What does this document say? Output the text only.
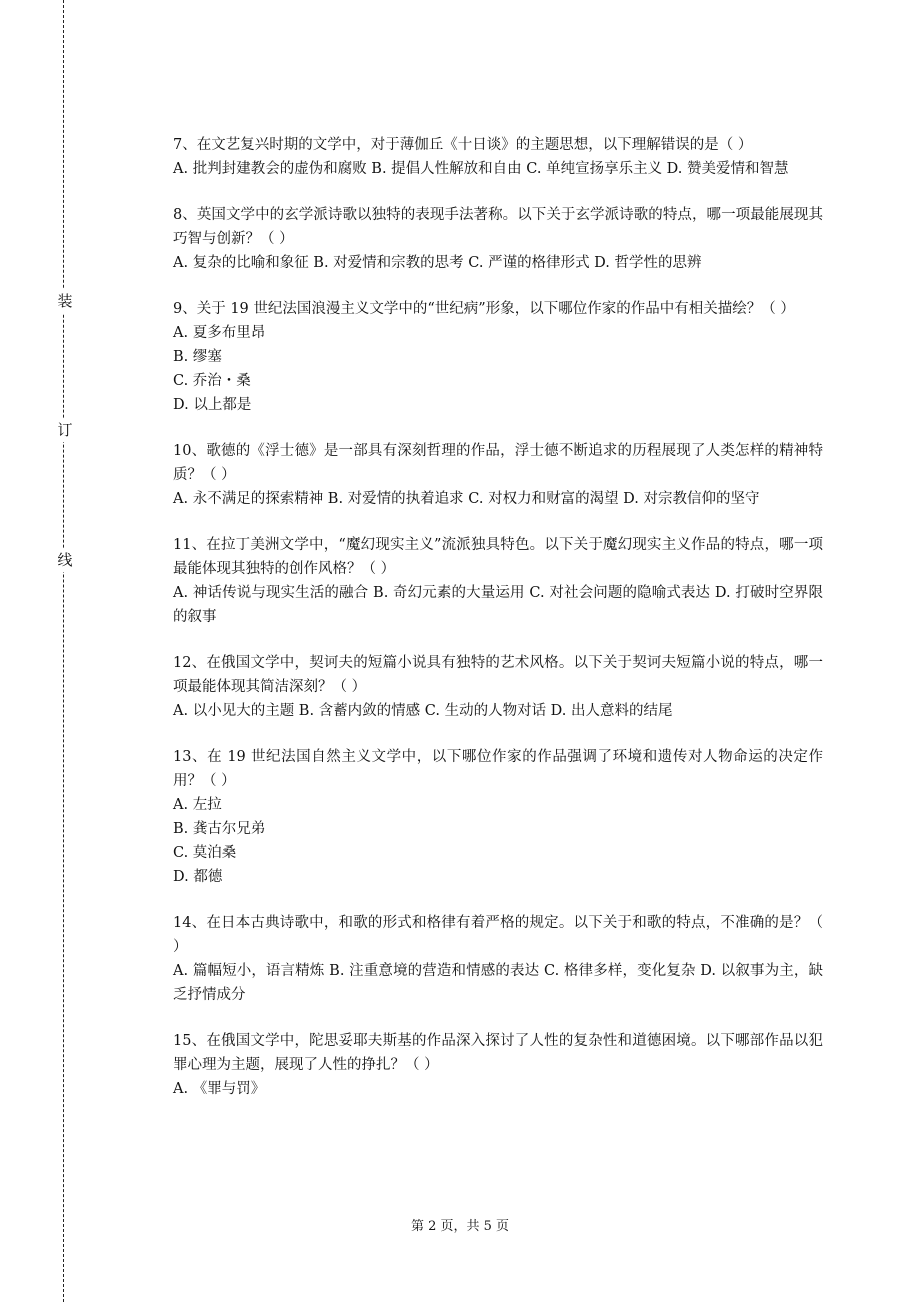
装
订
线

7、在文艺复兴时期的文学中，对于薄伽丘《十日谈》的主题思想，以下理解错误的是（ ）

A. 批判封建教会的虚伪和腐败 B. 提倡人性解放和自由 C. 单纯宣扬享乐主义 D. 赞美爱情和智慧

8、英国文学中的玄学派诗歌以独特的表现手法著称。以下关于玄学派诗歌的特点，哪一项最能展现其巧智与创新？（ ）

A. 复杂的比喻和象征 B. 对爱情和宗教的思考 C. 严谨的格律形式 D. 哲学性的思辨

9、关于 19 世纪法国浪漫主义文学中的“世纪病”形象，以下哪位作家的作品中有相关描绘？（ ）

A. 夏多布里昂

B. 缪塞

C. 乔治・桑

D. 以上都是

10、歌德的《浮士德》是一部具有深刻哲理的作品，浮士德不断追求的历程展现了人类怎样的精神特质？（ ）

A. 永不满足的探索精神 B. 对爱情的执着追求 C. 对权力和财富的渴望 D. 对宗教信仰的坚守

11、在拉丁美洲文学中，“魔幻现实主义”流派独具特色。以下关于魔幻现实主义作品的特点，哪一项最能体现其独特的创作风格？（ ）

A. 神话传说与现实生活的融合 B. 奇幻元素的大量运用 C. 对社会问题的隐喻式表达 D. 打破时空界限的叙事

12、在俄国文学中，契诃夫的短篇小说具有独特的艺术风格。以下关于契诃夫短篇小说的特点，哪一项最能体现其简洁深刻？（ ）

A. 以小见大的主题 B. 含蓄内敛的情感 C. 生动的人物对话 D. 出人意料的结尾

13、在 19 世纪法国自然主义文学中，以下哪位作家的作品强调了环境和遗传对人物命运的决定作用？（ ）

A. 左拉

B. 龚古尔兄弟

C. 莫泊桑

D. 都德

14、在日本古典诗歌中，和歌的形式和格律有着严格的规定。以下关于和歌的特点，不准确的是？（ ）

A. 篇幅短小，语言精炼 B. 注重意境的营造和情感的表达 C. 格律多样，变化复杂 D. 以叙事为主，缺乏抒情成分

15、在俄国文学中，陀思妥耶夫斯基的作品深入探讨了人性的复杂性和道德困境。以下哪部作品以犯罪心理为主题，展现了人性的挣扎？（ ）

A. 《罪与罚》

第 2 页，共 5 页
